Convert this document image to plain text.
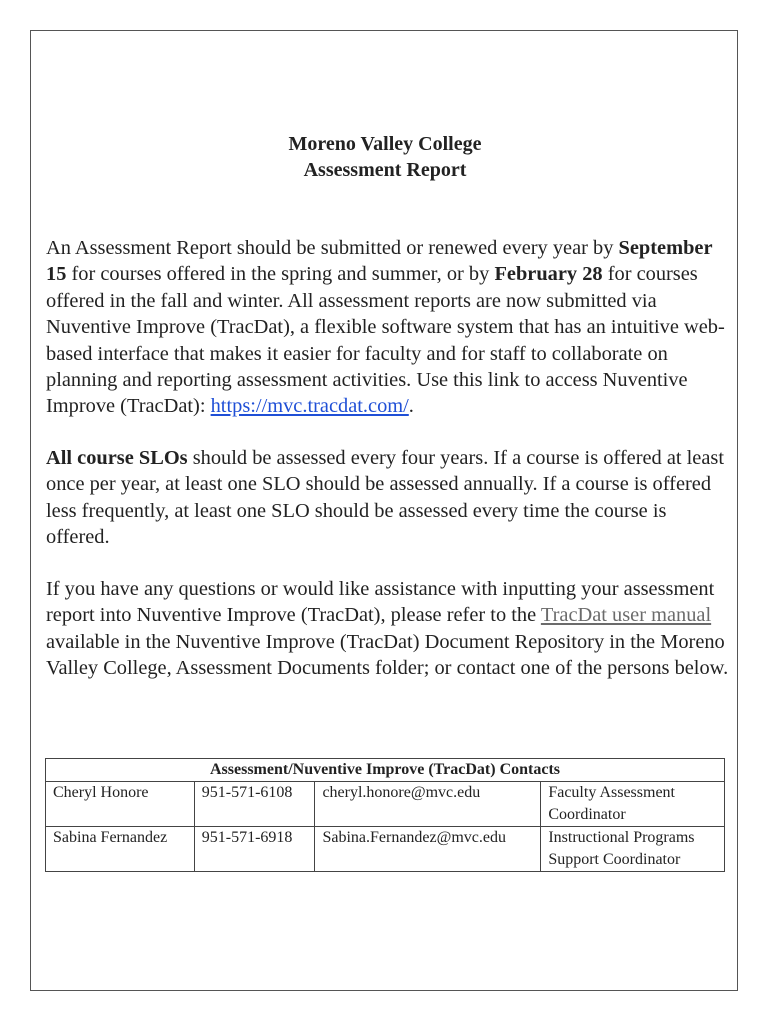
Moreno Valley College
Assessment Report

An Assessment Report should be submitted or renewed every year by September 15 for courses offered in the spring and summer, or by February 28 for courses offered in the fall and winter. All assessment reports are now submitted via Nuventive Improve (TracDat), a flexible software system that has an intuitive web-based interface that makes it easier for faculty and for staff to collaborate on planning and reporting assessment activities. Use this link to access Nuventive Improve (TracDat): https://mvc.tracdat.com/.

All course SLOs should be assessed every four years. If a course is offered at least once per year, at least one SLO should be assessed annually. If a course is offered less frequently, at least one SLO should be assessed every time the course is offered.

If you have any questions or would like assistance with inputting your assessment report into Nuventive Improve (TracDat), please refer to the TracDat user manual available in the Nuventive Improve (TracDat) Document Repository in the Moreno Valley College, Assessment Documents folder; or contact one of the persons below.

Assessment/Nuventive Improve (TracDat) Contacts			
Cheryl Honore	951-571-6108	cheryl.honore@mvc.edu	Faculty Assessment Coordinator
Sabina Fernandez	951-571-6918	Sabina.Fernandez@mvc.edu	Instructional Programs Support Coordinator
